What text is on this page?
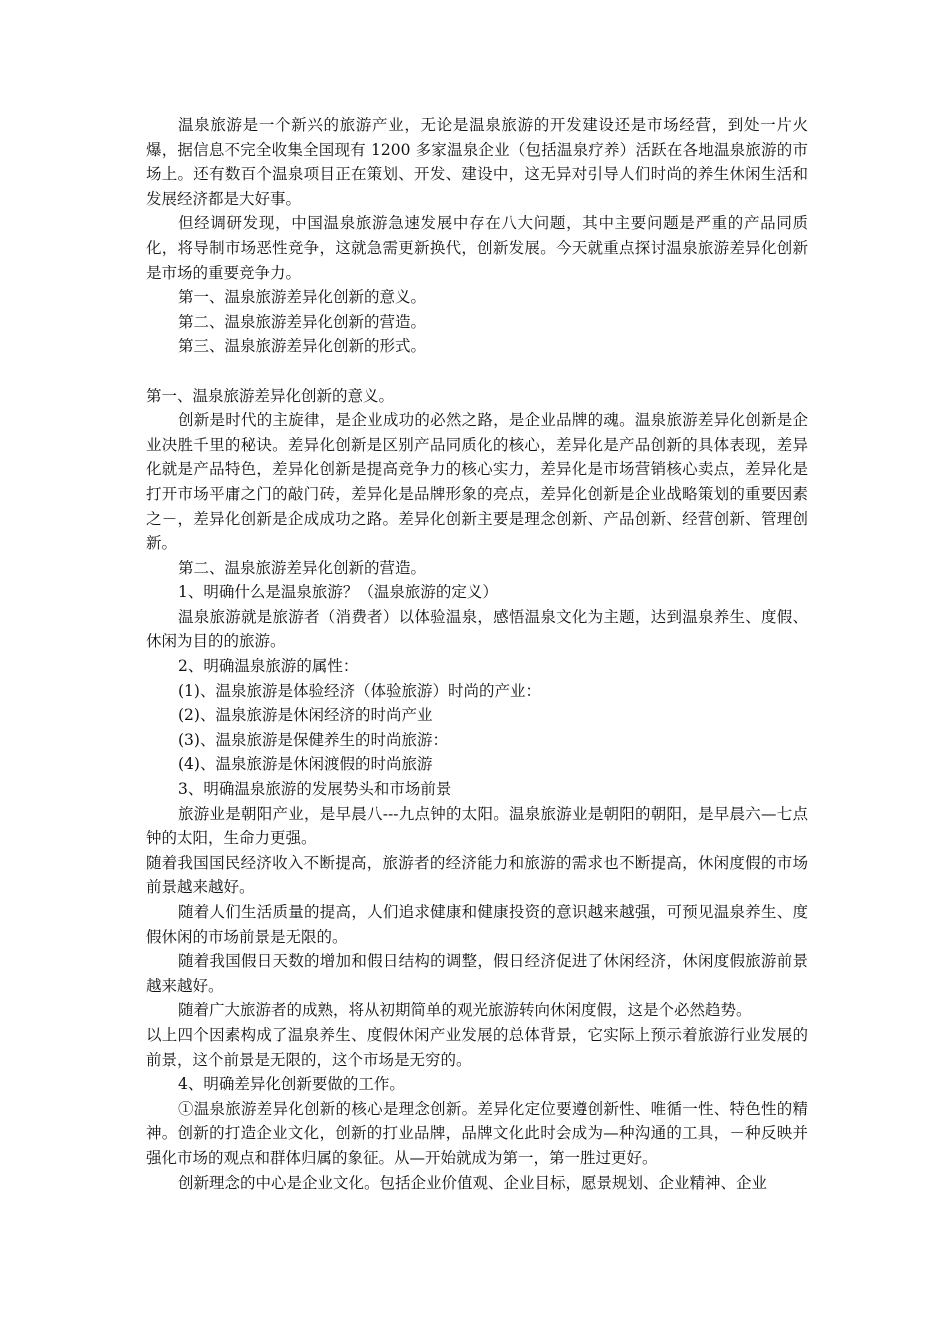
温泉旅游是一个新兴的旅游产业，无论是温泉旅游的开发建设还是市场经营，到处一片火爆，据信息不完全收集全国现有 1200 多家温泉企业（包括温泉疗养）活跃在各地温泉旅游的市场上。还有数百个温泉项目正在策划、开发、建设中，这无异对引导人们时尚的养生休闲生活和发展经济都是大好事。

但经调研发现，中国温泉旅游急速发展中存在八大问题，其中主要问题是严重的产品同质化，将导制市场恶性竞争，这就急需更新换代，创新发展。今天就重点探讨温泉旅游差异化创新是市场的重要竞争力。

第一、温泉旅游差异化创新的意义。

第二、温泉旅游差异化创新的营造。

第三、温泉旅游差异化创新的形式。

第一、温泉旅游差异化创新的意义。

创新是时代的主旋律，是企业成功的必然之路，是企业品牌的魂。温泉旅游差异化创新是企业决胜千里的秘诀。差异化创新是区别产品同质化的核心，差异化是产品创新的具体表现，差异化就是产品特色，差异化创新是提高竞争力的核心实力，差异化是市场营销核心卖点，差异化是打开市场平庸之门的敲门砖，差异化是品牌形象的亮点，差异化创新是企业战略策划的重要因素之－，差异化创新是企成成功之路。差异化创新主要是理念创新、产品创新、经营创新、管理创新。

第二、温泉旅游差异化创新的营造。

1、明确什么是温泉旅游？（温泉旅游的定义）

温泉旅游就是旅游者（消费者）以体验温泉，感悟温泉文化为主题，达到温泉养生、度假、休闲为目的的旅游。

2、明确温泉旅游的属性：

(1)、温泉旅游是体验经济（体验旅游）时尚的产业：

(2)、温泉旅游是休闲经济的时尚产业

(3)、温泉旅游是保健养生的时尚旅游：

(4)、温泉旅游是休闲渡假的时尚旅游

3、明确温泉旅游的发展势头和市场前景

旅游业是朝阳产业，是早晨八---九点钟的太阳。温泉旅游业是朝阳的朝阳，是早晨六—七点钟的太阳，生命力更强。

随着我国国民经济收入不断提高，旅游者的经济能力和旅游的需求也不断提高，休闲度假的市场前景越来越好。

随着人们生活质量的提高，人们追求健康和健康投资的意识越来越强，可预见温泉养生、度假休闲的市场前景是无限的。

随着我国假日天数的增加和假日结构的调整，假日经济促进了休闲经济，休闲度假旅游前景越来越好。

随着广大旅游者的成熟，将从初期简单的观光旅游转向休闲度假，这是个必然趋势。

以上四个因素构成了温泉养生、度假休闲产业发展的总体背景，它实际上预示着旅游行业发展的前景，这个前景是无限的，这个市场是无穷的。

4、明确差异化创新要做的工作。

①温泉旅游差异化创新的核心是理念创新。差异化定位要遵创新性、唯循一性、特色性的精神。创新的打造企业文化，创新的打业品牌，品牌文化此时会成为—种沟通的工具，－种反映并强化市场的观点和群体归属的象征。从—开始就成为第一，第一胜过更好。

创新理念的中心是企业文化。包括企业价值观、企业目标，愿景规划、企业精神、企业
